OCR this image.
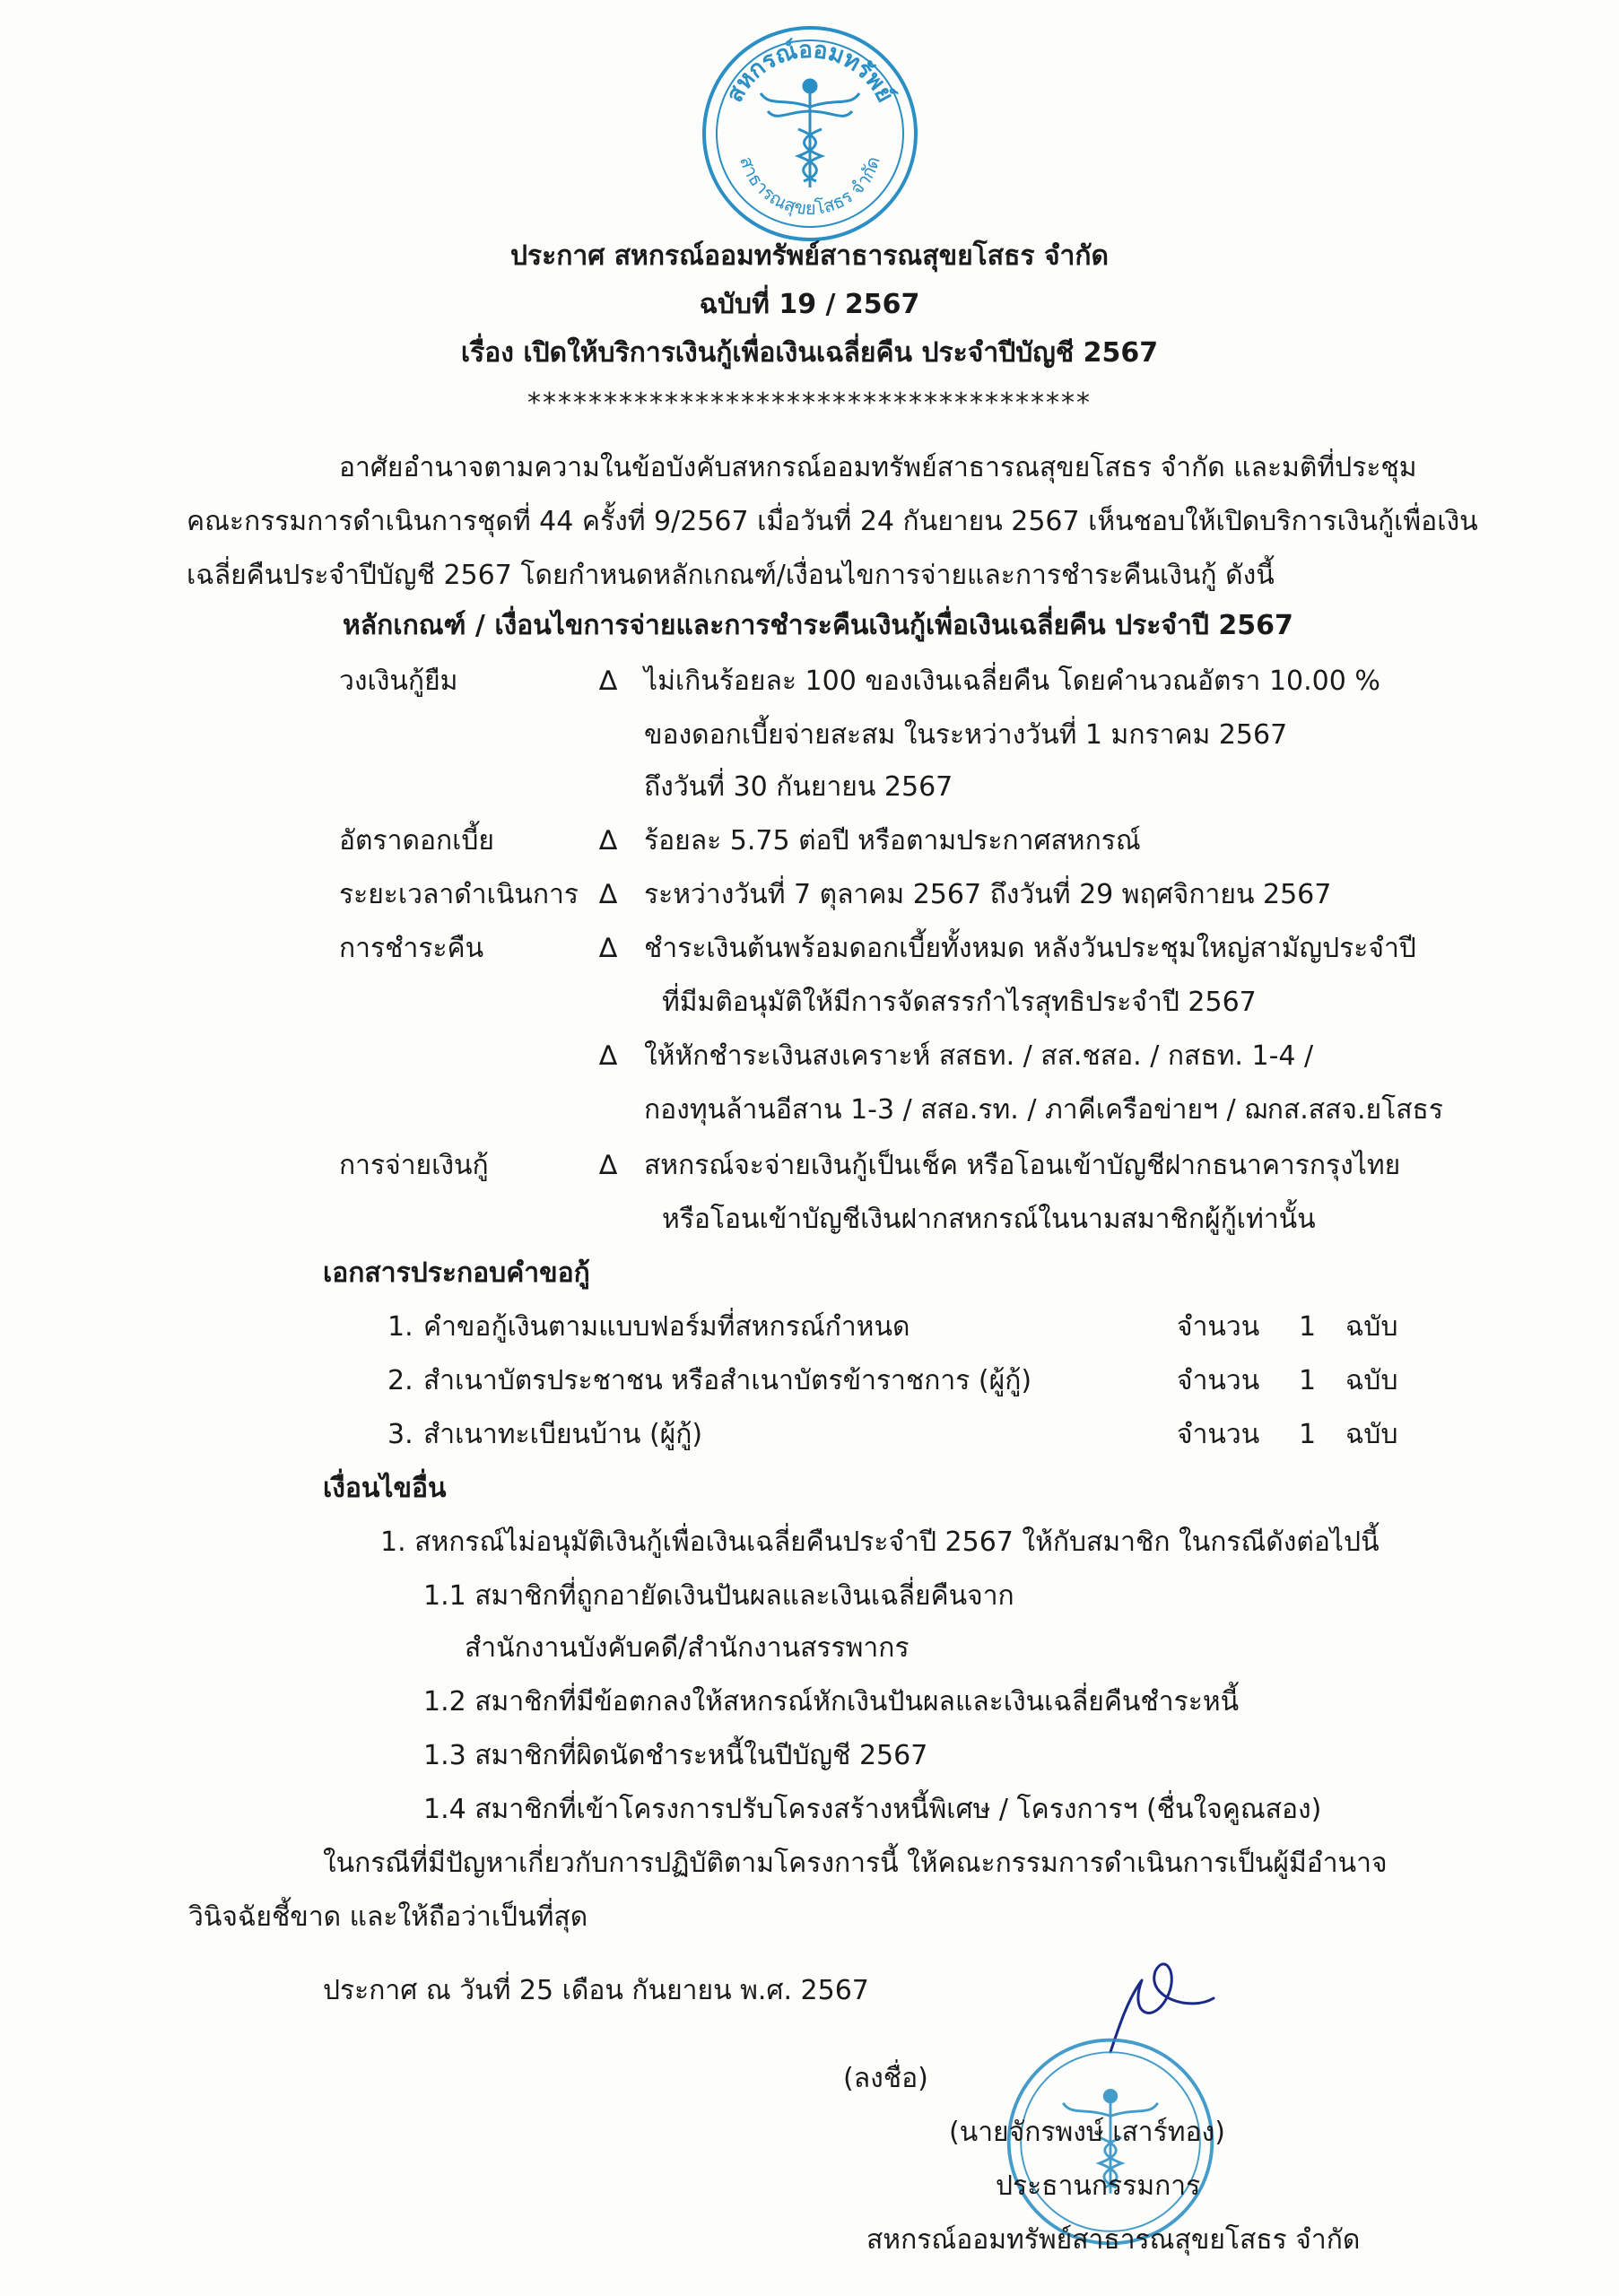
สหกรณ์ออมทรัพย์
สาธารณสุขยโสธร จำกัด
ประกาศ สหกรณ์ออมทรัพย์สาธารณสุขยโสธร จำกัด
ฉบับที่ 19 / 2567
เรื่อง เปิดให้บริการเงินกู้เพื่อเงินเฉลี่ยคืน ประจำปีบัญชี 2567
*************************************
อาศัยอำนาจตามความในข้อบังคับสหกรณ์ออมทรัพย์สาธารณสุขยโสธร จำกัด และมติที่ประชุม
คณะกรรมการดำเนินการชุดที่ 44 ครั้งที่ 9/2567 เมื่อวันที่ 24 กันยายน 2567 เห็นชอบให้เปิดบริการเงินกู้เพื่อเงิน
เฉลี่ยคืนประจำปีบัญชี 2567 โดยกำหนดหลักเกณฑ์/เงื่อนไขการจ่ายและการชำระคืนเงินกู้ ดังนี้
หลักเกณฑ์ / เงื่อนไขการจ่ายและการชำระคืนเงินกู้เพื่อเงินเฉลี่ยคืน ประจำปี 2567
วงเงินกู้ยืม	∆ ไม่เกินร้อยละ 100 ของเงินเฉลี่ยคืน โดยคำนวณอัตรา 10.00 %
ของดอกเบี้ยจ่ายสะสม ในระหว่างวันที่ 1 มกราคม 2567
ถึงวันที่ 30 กันยายน 2567
อัตราดอกเบี้ย	∆ ร้อยละ 5.75 ต่อปี หรือตามประกาศสหกรณ์
ระยะเวลาดำเนินการ ∆ ระหว่างวันที่ 7 ตุลาคม 2567 ถึงวันที่ 29 พฤศจิกายน 2567
การชำระคืน	∆ ชำระเงินต้นพร้อมดอกเบี้ยทั้งหมด หลังวันประชุมใหญ่สามัญประจำปี
ที่มีมติอนุมัติให้มีการจัดสรรกำไรสุทธิประจำปี 2567
∆ ให้หักชำระเงินสงเคราะห์ สสธท. / สส.ชสอ. / กสธท. 1-4 /
กองทุนล้านอีสาน 1-3 / สสอ.รท. / ภาคีเครือข่ายฯ / ฌกส.สสจ.ยโสธร
การจ่ายเงินกู้	∆ สหกรณ์จะจ่ายเงินกู้เป็นเช็ค หรือโอนเข้าบัญชีฝากธนาคารกรุงไทย
หรือโอนเข้าบัญชีเงินฝากสหกรณ์ในนามสมาชิกผู้กู้เท่านั้น
เอกสารประกอบคำขอกู้
1. คำขอกู้เงินตามแบบฟอร์มที่สหกรณ์กำหนด	จำนวน 1 ฉบับ
2. สำเนาบัตรประชาชน หรือสำเนาบัตรข้าราชการ (ผู้กู้)	จำนวน 1 ฉบับ
3. สำเนาทะเบียนบ้าน (ผู้กู้)	จำนวน 1 ฉบับ
เงื่อนไขอื่น
1. สหกรณ์ไม่อนุมัติเงินกู้เพื่อเงินเฉลี่ยคืนประจำปี 2567 ให้กับสมาชิก ในกรณีดังต่อไปนี้
1.1 สมาชิกที่ถูกอายัดเงินปันผลและเงินเฉลี่ยคืนจาก
สำนักงานบังคับคดี/สำนักงานสรรพากร
1.2 สมาชิกที่มีข้อตกลงให้สหกรณ์หักเงินปันผลและเงินเฉลี่ยคืนชำระหนี้
1.3 สมาชิกที่ผิดนัดชำระหนี้ในปีบัญชี 2567
1.4 สมาชิกที่เข้าโครงการปรับโครงสร้างหนี้พิเศษ / โครงการฯ (ชื่นใจคูณสอง)
ในกรณีที่มีปัญหาเกี่ยวกับการปฏิบัติตามโครงการนี้ ให้คณะกรรมการดำเนินการเป็นผู้มีอำนาจ
วินิจฉัยชี้ขาด และให้ถือว่าเป็นที่สุด
ประกาศ ณ วันที่ 25 เดือน กันยายน พ.ศ. 2567
(ลงชื่อ)
(นายจักรพงษ์ เสาร์ทอง)
ประธานกรรมการ
สหกรณ์ออมทรัพย์สาธารณสุขยโสธร จำกัด
